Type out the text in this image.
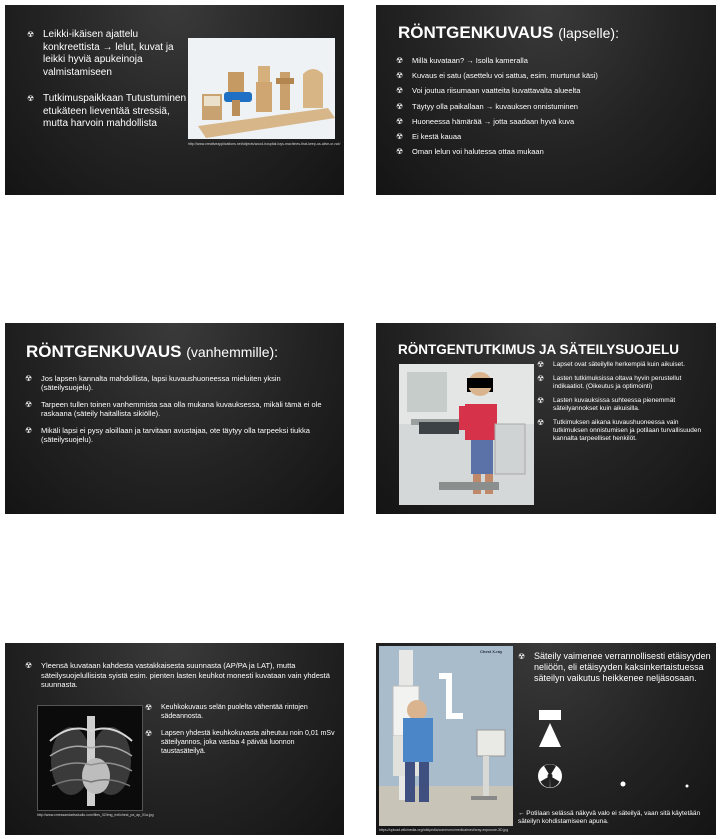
☢ Leikki-ikäisen ajattelu konkreettista → lelut, kuvat ja leikki hyviä apukeinoja valmistamiseen
☢ Tutkimuspaikkaan Tutustuminen etukäteen lieventää stressiä, mutta harvoin mahdollista
http://www.creativeapplications.net/objects/wood-hospital-toys-machines-that-keep-us-alive-or-not/
RÖNTGENKUVAUS (lapselle):
☢ Millä kuvataan? → Isolla kameralla
☢ Kuvaus ei satu (asettelu voi sattua, esim. murtunut käsi)
☢ Voi joutua riisumaan vaatteita kuvattavalta alueelta
☢ Täytyy olla paikallaan → kuvauksen onnistuminen
☢ Huoneessa hämärää → jotta saadaan hyvä kuva
☢ Ei kestä kauaa
☢ Oman lelun voi halutessa ottaa mukaan
RÖNTGENKUVAUS (vanhemmille):
☢ Jos lapsen kannalta mahdollista, lapsi kuvaushuoneessa mieluiten yksin (säteilysuojelu).
☢ Tarpeen tullen toinen vanhemmista saa olla mukana kuvauksessa, mikäli tämä ei ole raskaana (säteily haitallista sikiölle).
☢ Mikäli lapsi ei pysy aloillaan ja tarvitaan avustajaa, ote täytyy olla tarpeeksi tiukka (säteilysuojelu).
RÖNTGENTUTKIMUS JA SÄTEILYSUOJELU
☢ Lapset ovat säteilylle herkempiä kuin aikuiset.
☢ Lasten tutkimuksissa oltava hyvin perustellut indikaatiot. (Oikeutus ja optimointi)
☢ Lasten kuvauksissa suhteessa pienemmät säteilyannokset kuin aikuisilla.
☢ Tutkimuksen aikana kuvaushuoneessa vain tutkimuksen onnistumisen ja potilaan turvallisuuden kannalta tarpeelliset henkilöt.
☢ Yleensä kuvataan kahdesta vastakkaisesta suunnasta (AP/PA ja LAT), mutta säteilysuojelullisista syistä esim. pienten lasten keuhkot monesti kuvataan vain yhdestä suunnasta.
http://www.cmessandartsstudio.com/files_02/img_ext/chest_pa_ap_01a.jpg
☢ Keuhkokuvaus selän puolelta vähentää rintojen sädeannosta.
☢ Lapsen yhdestä keuhkokuvasta aiheutuu noin 0,01 mSv säteilyannos, joka vastaa 4 päivää luonnon taustasäteilyä.
Chest X-ray
https://upload.wikimedia.org/wikipedia/commons/medicalmed/xray-exposure-3D.jpg
☢ Säteily vaimenee verrannollisesti etäisyyden neliöön, eli etäisyyden kaksinkertaistuessa säteilyn vaikutus heikkenee neljäsosaan.
← Potilaan selässä näkyvä valo ei säteilyä, vaan sitä käytetään säteilyn kohdistamiseen apuna.
